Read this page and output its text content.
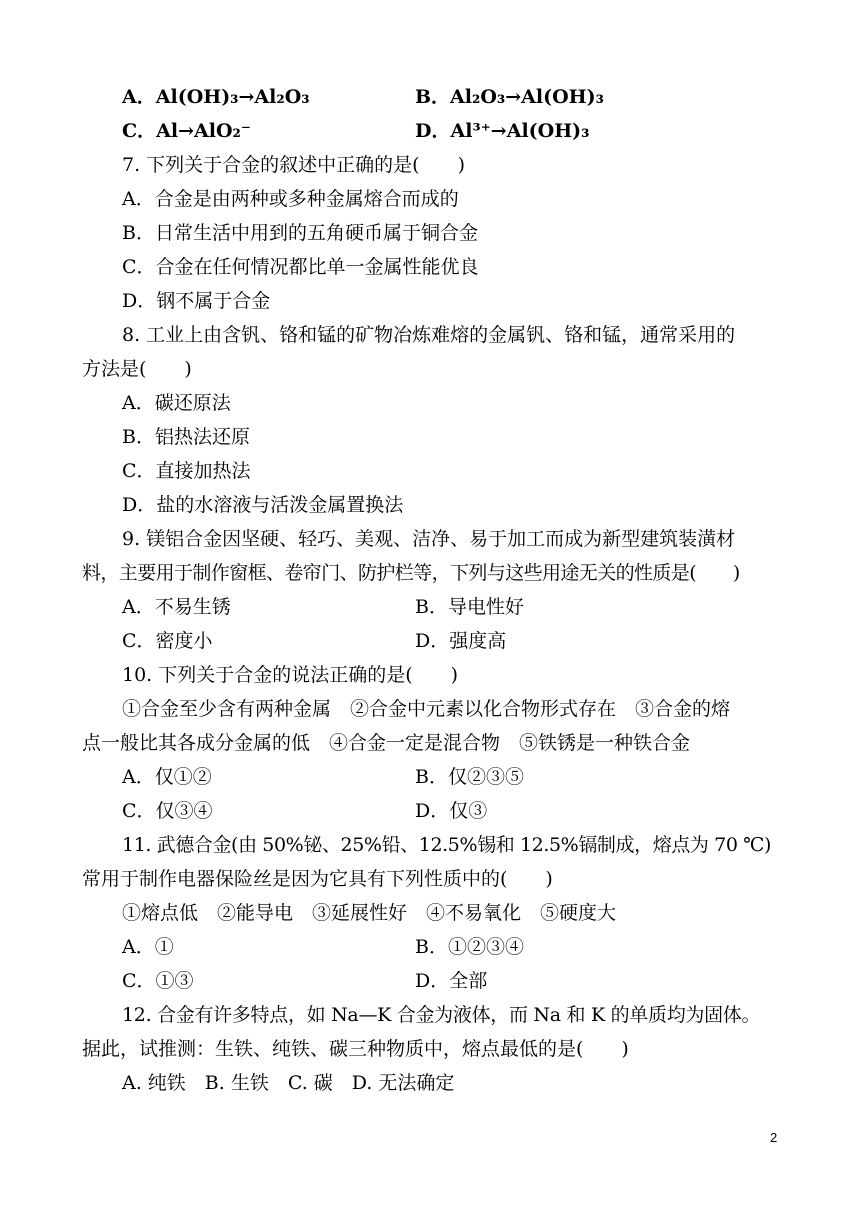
A．Al(OH)₃→Al₂O₃	B．Al₂O₃→Al(OH)₃
C．Al→AlO₂⁻	D．Al³⁺→Al(OH)₃
7. 下列关于合金的叙述中正确的是(　　)
A．合金是由两种或多种金属熔合而成的
B．日常生活中用到的五角硬币属于铜合金
C．合金在任何情况都比单一金属性能优良
D．钢不属于合金
8. 工业上由含钒、铬和锰的矿物冶炼难熔的金属钒、铬和锰，通常采用的
方法是(　　)
A．碳还原法
B．铝热法还原
C．直接加热法
D．盐的水溶液与活泼金属置换法
9. 镁铝合金因坚硬、轻巧、美观、洁净、易于加工而成为新型建筑装潢材
料，主要用于制作窗框、卷帘门、防护栏等，下列与这些用途无关的性质是(　　)
A．不易生锈	B．导电性好
C．密度小	D．强度高
10. 下列关于合金的说法正确的是(　　)
①合金至少含有两种金属　②合金中元素以化合物形式存在　③合金的熔
点一般比其各成分金属的低　④合金一定是混合物　⑤铁锈是一种铁合金
A．仅①②	B．仅②③⑤
C．仅③④	D．仅③
11. 武德合金(由 50%铋、25%铅、12.5%锡和 12.5%镉制成，熔点为 70 ℃)
常用于制作电器保险丝是因为它具有下列性质中的(　　)
①熔点低　②能导电　③延展性好　④不易氧化　⑤硬度大
A．①	B．①②③④
C．①③	D．全部
12. 合金有许多特点，如 Na—K 合金为液体，而 Na 和 K 的单质均为固体。
据此，试推测：生铁、纯铁、碳三种物质中，熔点最低的是(　　)
A. 纯铁　B. 生铁　C. 碳　D. 无法确定
2
